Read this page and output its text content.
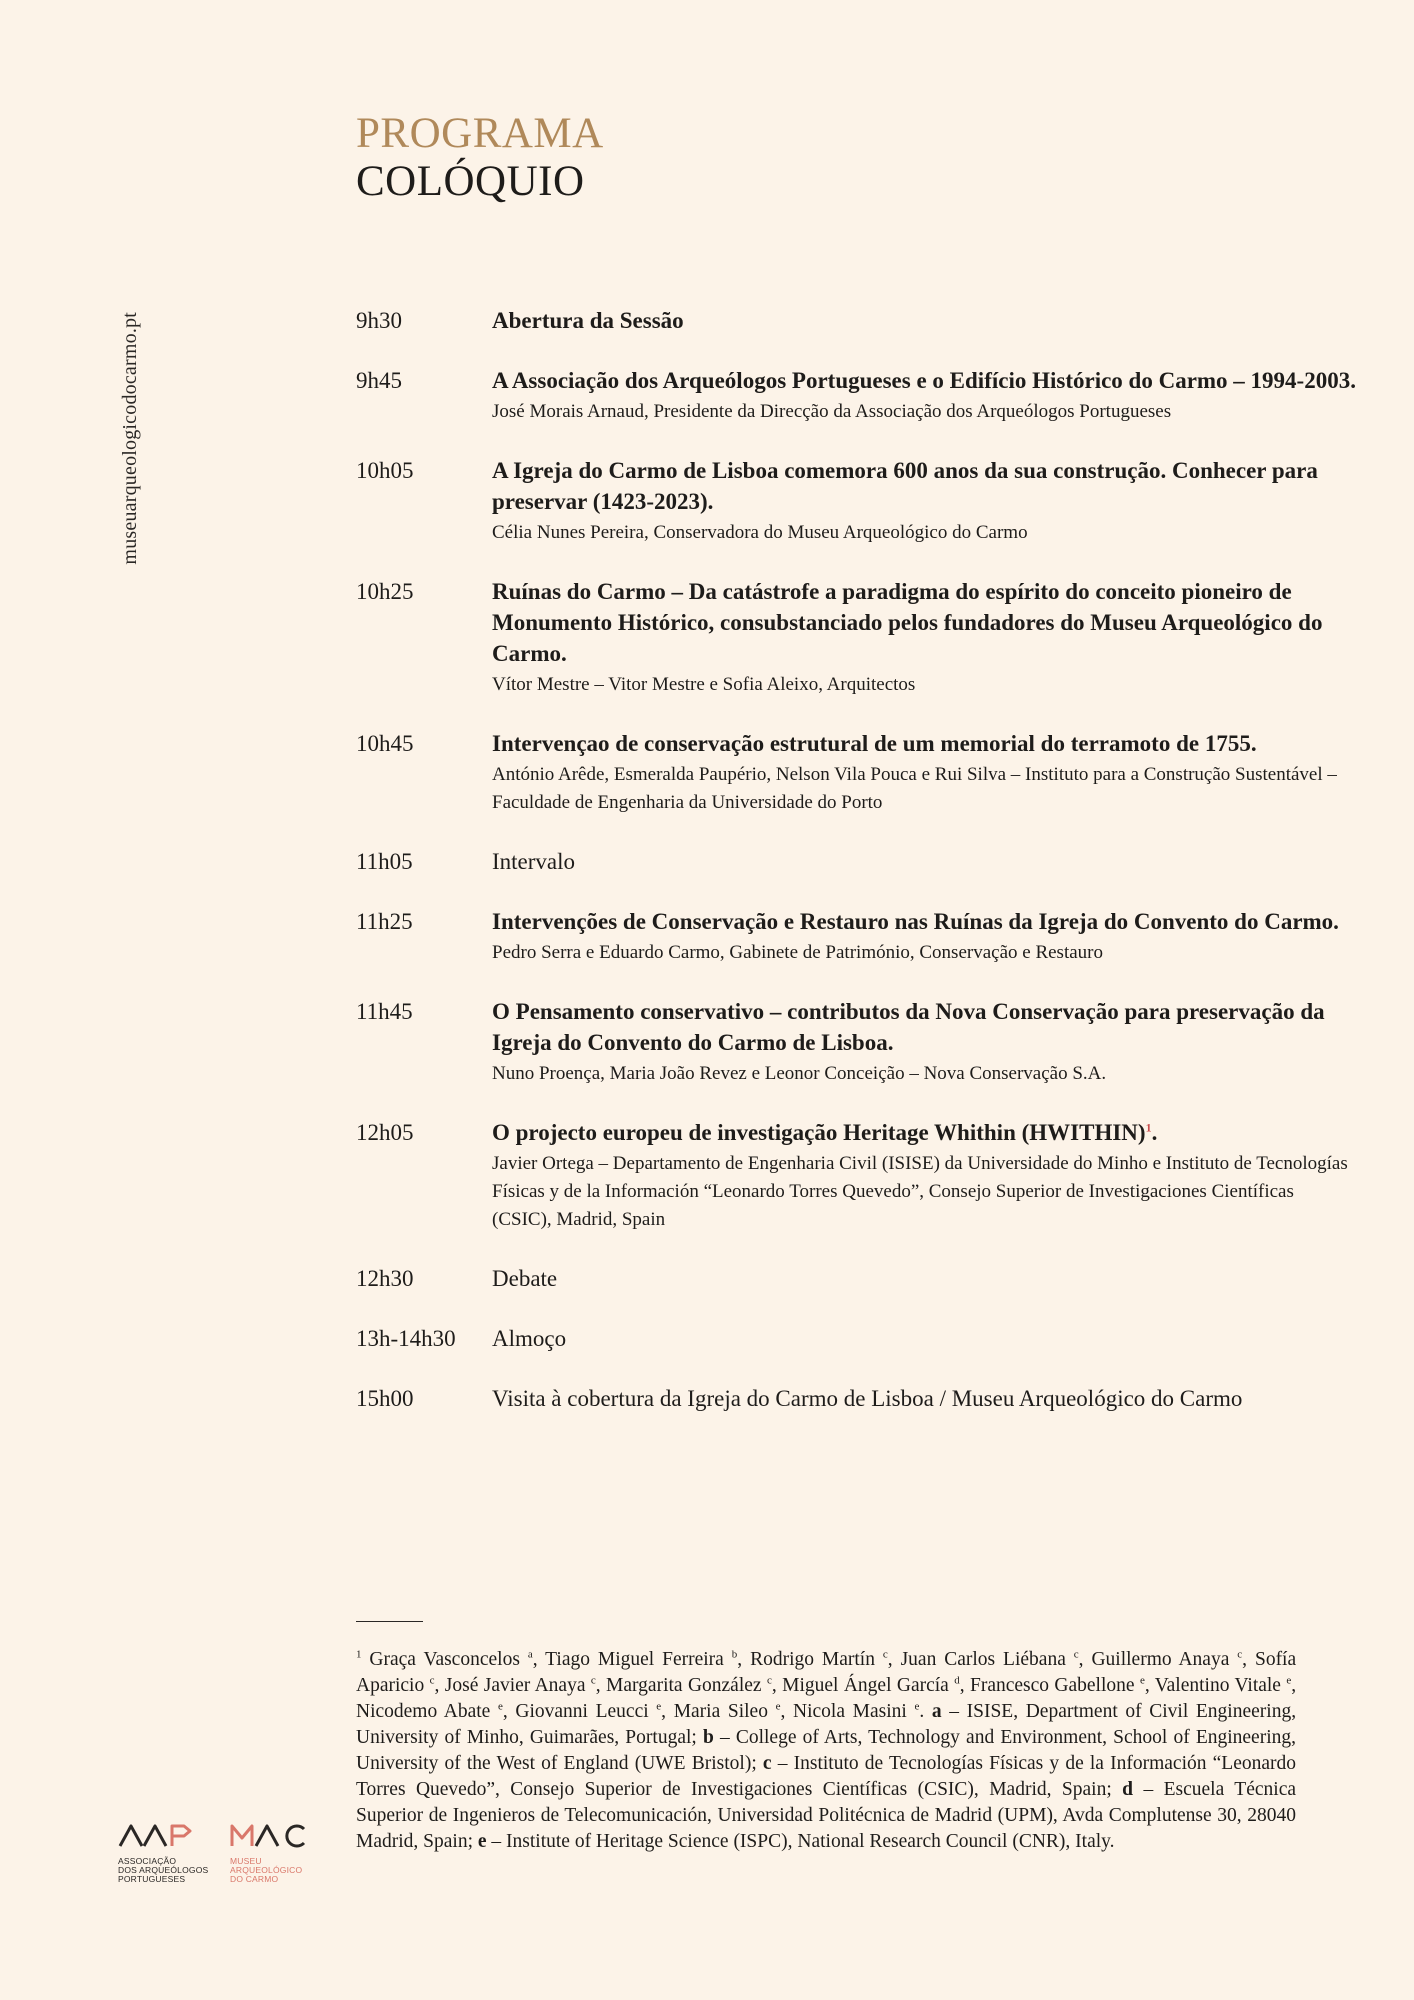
museuarqueologicodocarmo.pt
PROGRAMA
COLÓQUIO
9h30	Abertura da Sessão
9h45	A Associação dos Arqueólogos Portugueses e o Edifício Histórico do Carmo – 1994-2003.
José Morais Arnaud, Presidente da Direcção da Associação dos Arqueólogos Portugueses
10h05	A Igreja do Carmo de Lisboa comemora 600 anos da sua construção. Conhecer para preservar (1423-2023).
Célia Nunes Pereira, Conservadora do Museu Arqueológico do Carmo
10h25	Ruínas do Carmo – Da catástrofe a paradigma do espírito do conceito pioneiro de Monumento Histórico, consubstanciado pelos fundadores do Museu Arqueológico do Carmo.
Vítor Mestre – Vitor Mestre e Sofia Aleixo, Arquitectos
10h45	Intervençao de conservação estrutural de um memorial do terramoto de 1755.
António Arêde, Esmeralda Paupério, Nelson Vila Pouca e Rui Silva – Instituto para a Construção Sustentável – Faculdade de Engenharia da Universidade do Porto
11h05	Intervalo
11h25	Intervenções de Conservação e Restauro nas Ruínas da Igreja do Convento do Carmo.
Pedro Serra e Eduardo Carmo, Gabinete de Património, Conservação e Restauro
11h45	O Pensamento conservativo – contributos da Nova Conservação para preservação da Igreja do Convento do Carmo de Lisboa.
Nuno Proença, Maria João Revez e Leonor Conceição – Nova Conservação S.A.
12h05	O projecto europeu de investigação Heritage Whithin (HWITHIN)$^1$.
Javier Ortega – Departamento de Engenharia Civil (ISISE) da Universidade do Minho e Instituto de Tecnologías Físicas y de la Información “Leonardo Torres Quevedo”, Consejo Superior de Investigaciones Científicas (CSIC), Madrid, Spain
12h30	Debate
13h-14h30	Almoço
15h00	Visita à cobertura da Igreja do Carmo de Lisboa / Museu Arqueológico do Carmo
$^1$ Graça Vasconcelos $^a$, Tiago Miguel Ferreira $^b$, Rodrigo Martín $^c$, Juan Carlos Liébana $^c$, Guillermo Anaya $^c$, Sofía Aparicio $^c$, José Javier Anaya $^c$, Margarita González $^c$, Miguel Ángel García $^d$, Francesco Gabellone $^e$, Valentino Vitale $^e$, Nicodemo Abate $^e$, Giovanni Leucci $^e$, Maria Sileo $^e$, Nicola Masini $^e$. a – ISISE, Department of Civil Engineering, University of Minho, Guimarães, Portugal; b – College of Arts, Technology and Environment, School of Engineering, University of the West of England (UWE Bristol); c – Instituto de Tecnologías Físicas y de la Información “Leonardo Torres Quevedo”, Consejo Superior de Investigaciones Científicas (CSIC), Madrid, Spain; d – Escuela Técnica Superior de Ingenieros de Telecomunicación, Universidad Politécnica de Madrid (UPM), Avda Complutense 30, 28040 Madrid, Spain; e – Institute of Heritage Science (ISPC), National Research Council (CNR), Italy.
ASSOCIAÇÃO
DOS ARQUEÓLOGOS
PORTUGUESES
MUSEU
ARQUEOLÓGICO
DO CARMO
